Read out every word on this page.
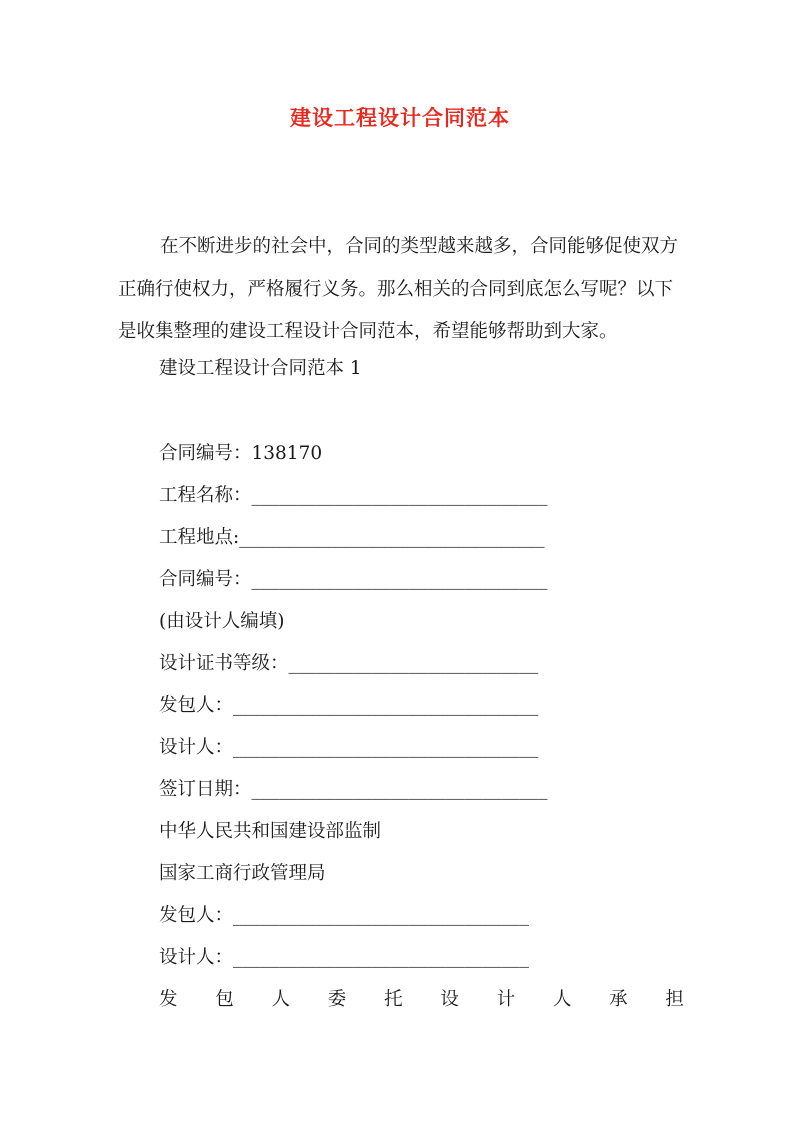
建设工程设计合同范本

在不断进步的社会中，合同的类型越来越多，合同能够促使双方正确行使权力，严格履行义务。那么相关的合同到底怎么写呢？以下是收集整理的建设工程设计合同范本，希望能够帮助到大家。

建设工程设计合同范本 1

合同编号：138170

工程名称：________________________________

工程地点:_________________________________

合同编号：________________________________

(由设计人编填)

设计证书等级：___________________________

发包人：_________________________________

设计人：_________________________________

签订日期：________________________________

中华人民共和国建设部监制

国家工商行政管理局

发包人：________________________________

设计人：________________________________

发 包 人 委 托 设 计 人 承 担
